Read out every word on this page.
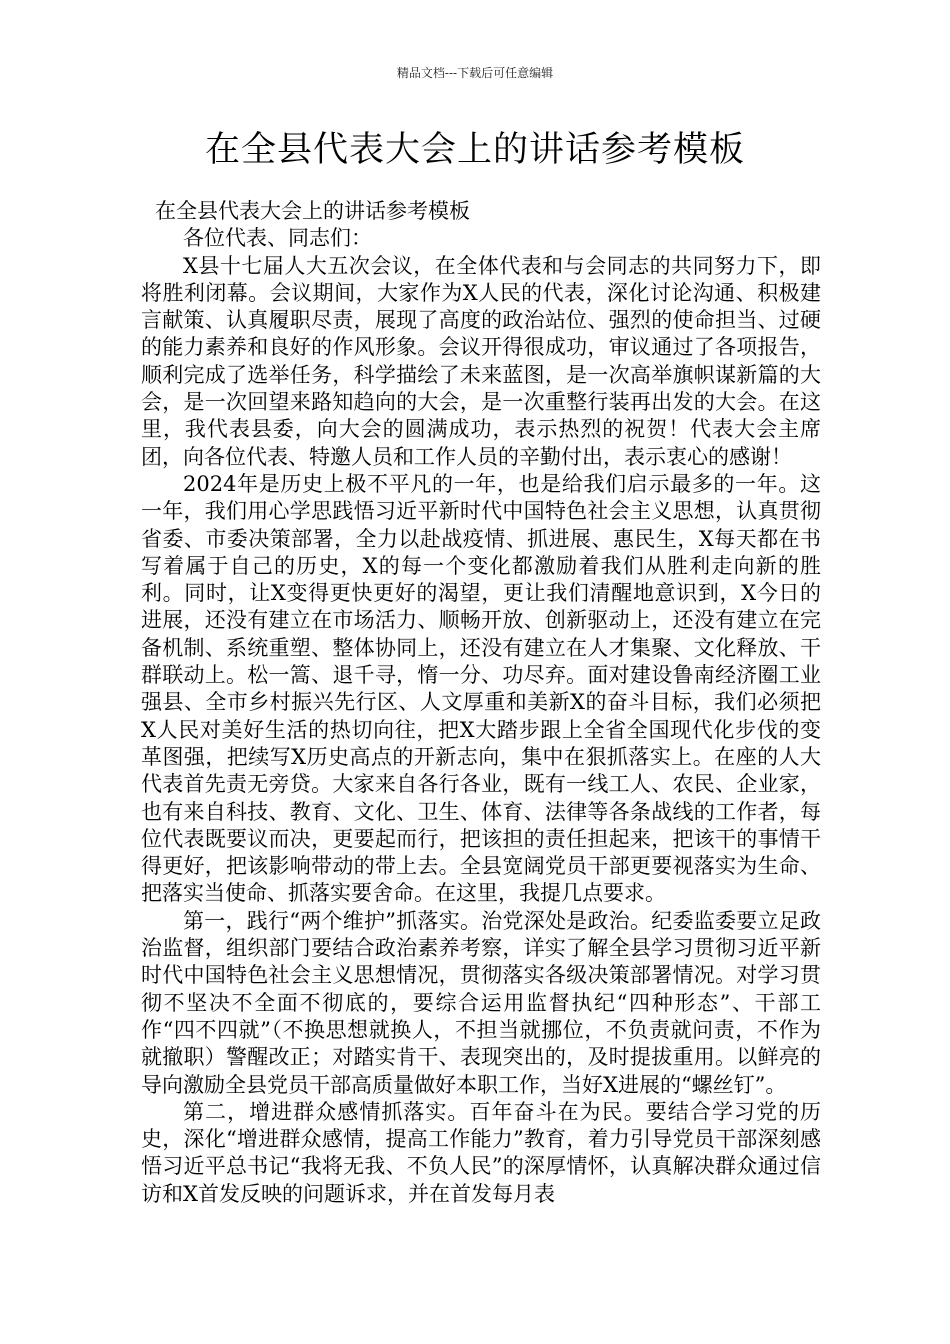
精品文档---下载后可任意编辑
在全县代表大会上的讲话参考模板

在全县代表大会上的讲话参考模板

各位代表、同志们：

X县十七届人大五次会议，在全体代表和与会同志的共同努力下，即将胜利闭幕。会议期间，大家作为X人民的代表，深化讨论沟通、积极建言献策、认真履职尽责，展现了高度的政治站位、强烈的使命担当、过硬的能力素养和良好的作风形象。会议开得很成功，审议通过了各项报告，顺利完成了选举任务，科学描绘了未来蓝图，是一次高举旗帜谋新篇的大会，是一次回望来路知趋向的大会，是一次重整行装再出发的大会。在这里，我代表县委，向大会的圆满成功，表示热烈的祝贺！代表大会主席团，向各位代表、特邀人员和工作人员的辛勤付出，表示衷心的感谢！

2024年是历史上极不平凡的一年，也是给我们启示最多的一年。这一年，我们用心学思践悟习近平新时代中国特色社会主义思想，认真贯彻省委、市委决策部署，全力以赴战疫情、抓进展、惠民生，X每天都在书写着属于自己的历史，X的每一个变化都激励着我们从胜利走向新的胜利。同时，让X变得更快更好的渴望，更让我们清醒地意识到，X今日的进展，还没有建立在市场活力、顺畅开放、创新驱动上，还没有建立在完备机制、系统重塑、整体协同上，还没有建立在人才集聚、文化释放、干群联动上。松一篙、退千寻，惰一分、功尽弃。面对建设鲁南经济圈工业强县、全市乡村振兴先行区、人文厚重和美新X的奋斗目标，我们必须把X人民对美好生活的热切向往，把X大踏步跟上全省全国现代化步伐的变革图强，把续写X历史高点的开新志向，集中在狠抓落实上。在座的人大代表首先责无旁贷。大家来自各行各业，既有一线工人、农民、企业家，也有来自科技、教育、文化、卫生、体育、法律等各条战线的工作者，每位代表既要议而决，更要起而行，把该担的责任担起来，把该干的事情干得更好，把该影响带动的带上去。全县宽阔党员干部更要视落实为生命、把落实当使命、抓落实要舍命。在这里，我提几点要求。

第一，践行“两个维护”抓落实。治党深处是政治。纪委监委要立足政治监督，组织部门要结合政治素养考察，详实了解全县学习贯彻习近平新时代中国特色社会主义思想情况，贯彻落实各级决策部署情况。对学习贯彻不坚决不全面不彻底的，要综合运用监督执纪“四种形态”、干部工作“四不四就”（不换思想就换人，不担当就挪位，不负责就问责，不作为就撤职）警醒改正；对踏实肯干、表现突出的，及时提拔重用。以鲜亮的导向激励全县党员干部高质量做好本职工作，当好X进展的“螺丝钉”。

第二，增进群众感情抓落实。百年奋斗在为民。要结合学习党的历史，深化“增进群众感情，提高工作能力”教育，着力引导党员干部深刻感悟习近平总书记“我将无我、不负人民”的深厚情怀，认真解决群众通过信访和X首发反映的问题诉求，并在首发每月表
